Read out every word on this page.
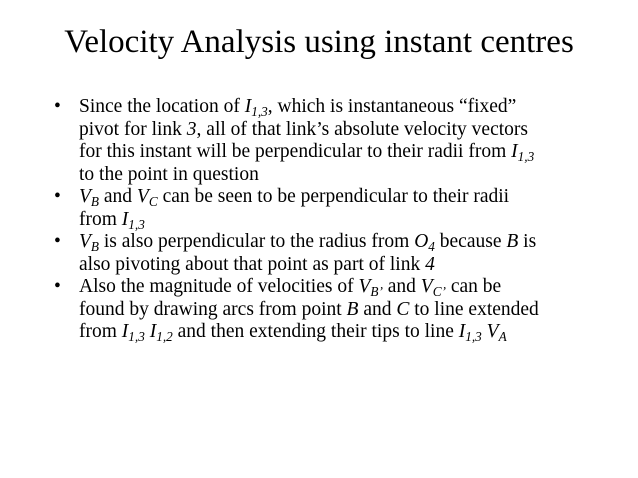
Velocity Analysis using instant centres
• Since the location of $I_{1,3}$, which is instantaneous “fixed”
pivot for link 3, all of that link’s absolute velocity vectors
for this instant will be perpendicular to their radii from $I_{1,3}$
to the point in question
• $V_B$ and $V_C$ can be seen to be perpendicular to their radii
from $I_{1,3}$
• $V_B$ is also perpendicular to the radius from $O_4$ because B is
also pivoting about that point as part of link 4
• Also the magnitude of velocities of $V_{B’}$ and $V_{C’}$ can be
found by drawing arcs from point B and C to line extended
from $I_{1,3}$ $I_{1,2}$ and then extending their tips to line $I_{1,3}$ $V_A$
